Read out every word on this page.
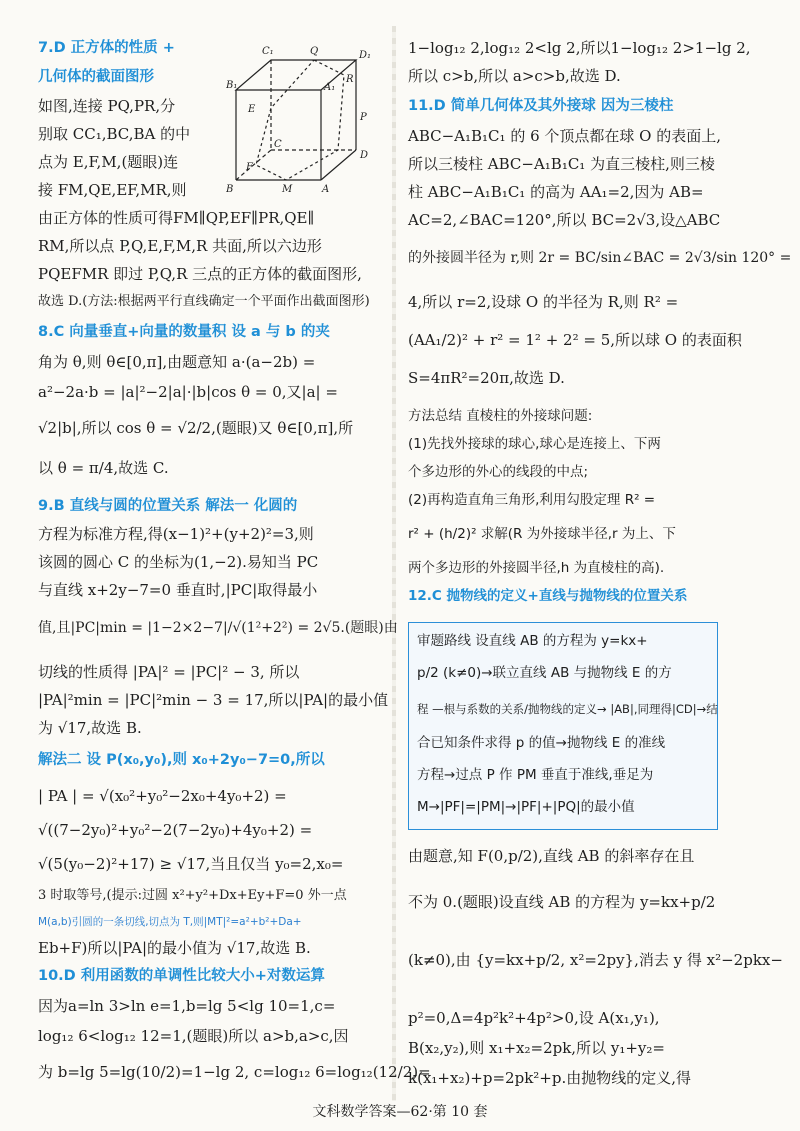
7.D 正方体的性质 +
几何体的截面图形
如图,连接 PQ,PR,分
别取 CC₁,BC,BA 的中
点为 E,F,M,(题眼)连
接 FM,QE,EF,MR,则
由正方体的性质可得FM∥QP,EF∥PR,QE∥
RM,所以点 P,Q,E,F,M,R 共面,所以六边形
PQEFMR 即过 P,Q,R 三点的正方体的截面图形,
故选 D.(方法:根据两平行直线确定一个平面作出截面图形)
8.C 向量垂直+向量的数量积 设 a 与 b 的夹
角为 θ,则 θ∈[0,π],由题意知 a·(a−2b) =
a²−2a·b = |a|²−2|a|·|b|cos θ = 0,又|a| =
√2|b|,所以 cos θ = √2/2,(题眼)又 θ∈[0,π],所
以 θ = π/4,故选 C.
9.B 直线与圆的位置关系 解法一 化圆的
方程为标准方程,得(x−1)²+(y+2)²=3,则
该圆的圆心 C 的坐标为(1,−2).易知当 PC
与直线 x+2y−7=0 垂直时,|PC|取得最小
值,且|PC|min = |1−2×2−7|/√(1²+2²) = 2√5.(题眼)由
切线的性质得 |PA|² = |PC|² − 3, 所以
|PA|²min = |PC|²min − 3 = 17,所以|PA|的最小值
为 √17,故选 B.
解法二 设 P(x₀,y₀),则 x₀+2y₀−7=0,所以
| PA | = √(x₀²+y₀²−2x₀+4y₀+2) =
√((7−2y₀)²+y₀²−2(7−2y₀)+4y₀+2) =
√(5(y₀−2)²+17) ≥ √17,当且仅当 y₀=2,x₀=
3 时取等号,(提示:过圆 x²+y²+Dx+Ey+F=0 外一点
M(a,b)引圆的一条切线,切点为 T,则|MT|²=a²+b²+Da+
Eb+F)所以|PA|的最小值为 √17,故选 B.
10.D 利用函数的单调性比较大小+对数运算
因为a=ln 3>ln e=1,b=lg 5<lg 10=1,c=
log₁₂ 6<log₁₂ 12=1,(题眼)所以 a>b,a>c,因
为 b=lg 5=lg(10/2)=1−lg 2, c=log₁₂ 6=log₁₂(12/2)=
C₁	Q	D₁
A₁
B₁
E
R
P
C
F
D
B	M	A
1−log₁₂ 2,log₁₂ 2<lg 2,所以1−log₁₂ 2>1−lg 2,
所以 c>b,所以 a>c>b,故选 D.
11.D 简单几何体及其外接球 因为三棱柱
ABC−A₁B₁C₁ 的 6 个顶点都在球 O 的表面上,
所以三棱柱 ABC−A₁B₁C₁ 为直三棱柱,则三棱
柱 ABC−A₁B₁C₁ 的高为 AA₁=2,因为 AB=
AC=2,∠BAC=120°,所以 BC=2√3,设△ABC
的外接圆半径为 r,则 2r = BC/sin∠BAC = 2√3/sin 120° =
4,所以 r=2,设球 O 的半径为 R,则 R² =
(AA₁/2)² + r² = 1² + 2² = 5,所以球 O 的表面积
S=4πR²=20π,故选 D.
方法总结 直棱柱的外接球问题:
(1)先找外接球的球心,球心是连接上、下两
个多边形的外心的线段的中点;
(2)再构造直角三角形,利用勾股定理 R² =
r² + (h/2)² 求解(R 为外接球半径,r 为上、下
两个多边形的外接圆半径,h 为直棱柱的高).
12.C 抛物线的定义+直线与抛物线的位置关系
审题路线 设直线 AB 的方程为 y=kx+
p/2 (k≠0)→联立直线 AB 与抛物线 E 的方
程 —根与系数的关系/抛物线的定义→ |AB|,同理得|CD|→结
合已知条件求得 p 的值→抛物线 E 的准线
方程→过点 P 作 PM 垂直于准线,垂足为
M→|PF|=|PM|→|PF|+|PQ|的最小值
由题意,知 F(0,p/2),直线 AB 的斜率存在且
不为 0.(题眼)设直线 AB 的方程为 y=kx+p/2
(k≠0),由 {y=kx+p/2, x²=2py},消去 y 得 x²−2pkx−
p²=0,Δ=4p²k²+4p²>0,设 A(x₁,y₁),
B(x₂,y₂),则 x₁+x₂=2pk,所以 y₁+y₂=
k(x₁+x₂)+p=2pk²+p.由抛物线的定义,得
文科数学答案—62·第 10 套
